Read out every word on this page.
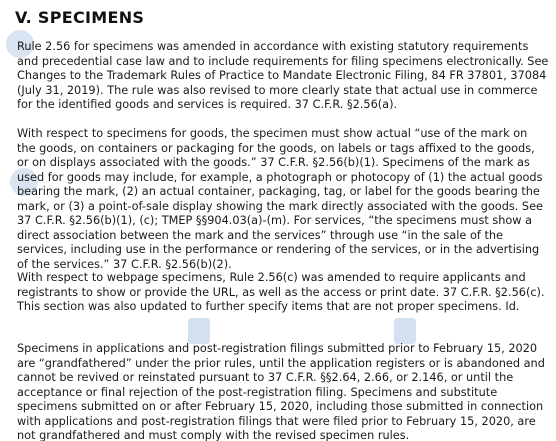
V. SPECIMENS

Rule 2.56 for specimens was amended in accordance with existing statutory requirements and precedential case law and to include requirements for filing specimens electronically. See Changes to the Trademark Rules of Practice to Mandate Electronic Filing, 84 FR 37801, 37084 (July 31, 2019). The rule was also revised to more clearly state that actual use in commerce for the identified goods and services is required. 37 C.F.R. §2.56(a).

With respect to specimens for goods, the specimen must show actual “use of the mark on the goods, on containers or packaging for the goods, on labels or tags affixed to the goods, or on displays associated with the goods.” 37 C.F.R. §2.56(b)(1). Specimens of the mark as used for goods may include, for example, a photograph or photocopy of (1) the actual goods bearing the mark, (2) an actual container, packaging, tag, or label for the goods bearing the mark, or (3) a point-of-sale display showing the mark directly associated with the goods. See 37 C.F.R. §2.56(b)(1), (c); TMEP §§904.03(a)-(m). For services, “the specimens must show a direct association between the mark and the services” through use “in the sale of the services, including use in the performance or rendering of the services, or in the advertising of the services.” 37 C.F.R. §2.56(b)(2).

With respect to webpage specimens, Rule 2.56(c) was amended to require applicants and registrants to show or provide the URL, as well as the access or print date. 37 C.F.R. §2.56(c). This section was also updated to further specify items that are not proper specimens. Id.

Specimens in applications and post-registration filings submitted prior to February 15, 2020 are “grandfathered” under the prior rules, until the application registers or is abandoned and cannot be revived or reinstated pursuant to 37 C.F.R. §§2.64, 2.66, or 2.146, or until the acceptance or final rejection of the post-registration filing. Specimens and substitute specimens submitted on or after February 15, 2020, including those submitted in connection with applications and post-registration filings that were filed prior to February 15, 2020, are not grandfathered and must comply with the revised specimen rules.
